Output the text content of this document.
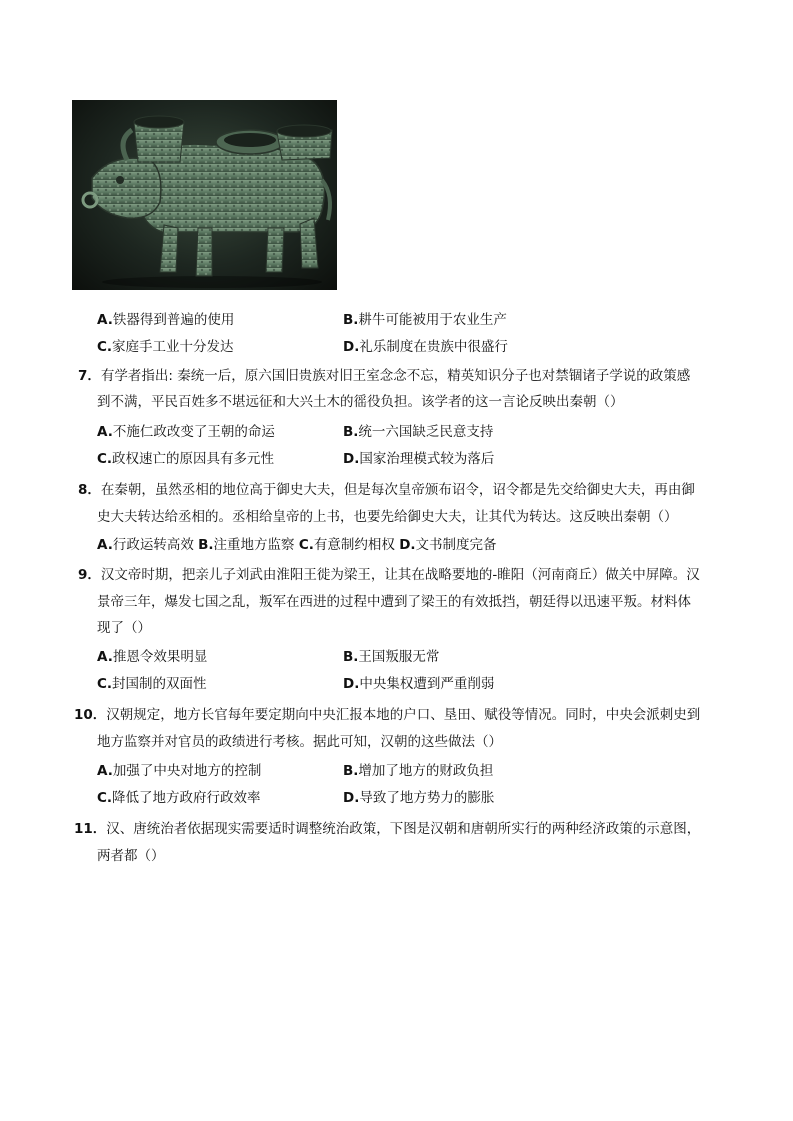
A.铁器得到普遍的使用	B.耕牛可能被用于农业生产
C.家庭手工业十分发达	D.礼乐制度在贵族中很盛行
7．有学者指出: 秦统一后，原六国旧贵族对旧王室念念不忘，精英知识分子也对禁锢诸子学说的政策感
到不满，平民百姓多不堪远征和大兴土木的徭役负担。该学者的这一言论反映出秦朝（）
A.不施仁政改变了王朝的命运	B.统一六国缺乏民意支持
C.政权速亡的原因具有多元性	D.国家治理模式较为落后
8．在秦朝，虽然丞相的地位高于御史大夫，但是每次皇帝颁布诏令，诏令都是先交给御史大夫，再由御
史大夫转达给丞相的。丞相给皇帝的上书，也要先给御史大夫，让其代为转达。这反映出秦朝（）
A.行政运转高效 B.注重地方监察 C.有意制约相权 D.文书制度完备
9．汉文帝时期，把亲儿子刘武由淮阳王徙为梁王，让其在战略要地的-睢阳（河南商丘）做关中屏障。汉
景帝三年，爆发七国之乱，叛军在西进的过程中遭到了梁王的有效抵挡，朝廷得以迅速平叛。材料体
现了（）
A.推恩令效果明显	B.王国叛服无常
C.封国制的双面性	D.中央集权遭到严重削弱
10．汉朝规定，地方长官每年要定期向中央汇报本地的户口、垦田、赋役等情况。同时，中央会派刺史到
地方监察并对官员的政绩进行考核。据此可知，汉朝的这些做法（）
A.加强了中央对地方的控制	B.增加了地方的财政负担
C.降低了地方政府行政效率	D.导致了地方势力的膨胀
11．汉、唐统治者依据现实需要适时调整统治政策，下图是汉朝和唐朝所实行的两种经济政策的示意图，
两者都（）
